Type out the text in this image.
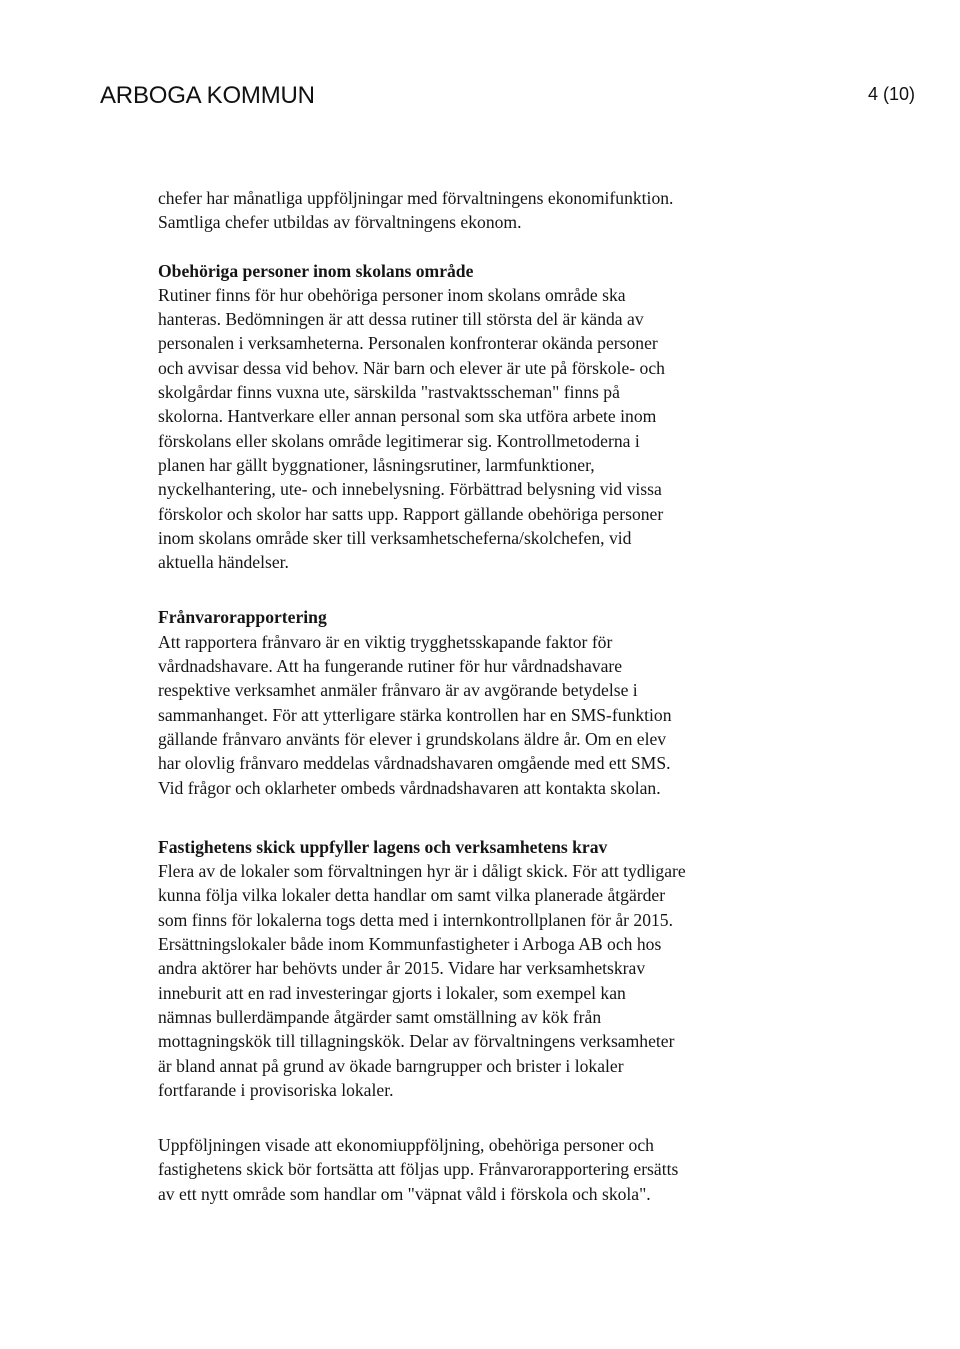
ARBOGA KOMMUN	4 (10)

chefer har månatliga uppföljningar med förvaltningens ekonomifunktion.
Samtliga chefer utbildas av förvaltningens ekonom.

Obehöriga personer inom skolans område

Rutiner finns för hur obehöriga personer inom skolans område ska
hanteras. Bedömningen är att dessa rutiner till största del är kända av
personalen i verksamheterna. Personalen konfronterar okända personer
och avvisar dessa vid behov. När barn och elever är ute på förskole- och
skolgårdar finns vuxna ute, särskilda "rastvaktsscheman" finns på
skolorna. Hantverkare eller annan personal som ska utföra arbete inom
förskolans eller skolans område legitimerar sig. Kontrollmetoderna i
planen har gällt byggnationer, låsningsrutiner, larmfunktioner,
nyckelhantering, ute- och innebelysning. Förbättrad belysning vid vissa
förskolor och skolor har satts upp. Rapport gällande obehöriga personer
inom skolans område sker till verksamhetscheferna/skolchefen, vid
aktuella händelser.

Frånvarorapportering

Att rapportera frånvaro är en viktig trygghetsskapande faktor för
vårdnadshavare. Att ha fungerande rutiner för hur vårdnadshavare
respektive verksamhet anmäler frånvaro är av avgörande betydelse i
sammanhanget. För att ytterligare stärka kontrollen har en SMS-funktion
gällande frånvaro använts för elever i grundskolans äldre år. Om en elev
har olovlig frånvaro meddelas vårdnadshavaren omgående med ett SMS.
Vid frågor och oklarheter ombeds vårdnadshavaren att kontakta skolan.

Fastighetens skick uppfyller lagens och verksamhetens krav

Flera av de lokaler som förvaltningen hyr är i dåligt skick. För att tydligare
kunna följa vilka lokaler detta handlar om samt vilka planerade åtgärder
som finns för lokalerna togs detta med i internkontrollplanen för år 2015.
Ersättningslokaler både inom Kommunfastigheter i Arboga AB och hos
andra aktörer har behövts under år 2015. Vidare har verksamhetskrav
inneburit att en rad investeringar gjorts i lokaler, som exempel kan
nämnas bullerdämpande åtgärder samt omställning av kök från
mottagningskök till tillagningskök. Delar av förvaltningens verksamheter
är bland annat på grund av ökade barngrupper och brister i lokaler
fortfarande i provisoriska lokaler.

Uppföljningen visade att ekonomiuppföljning, obehöriga personer och
fastighetens skick bör fortsätta att följas upp. Frånvarorapportering ersätts
av ett nytt område som handlar om "väpnat våld i förskola och skola".
